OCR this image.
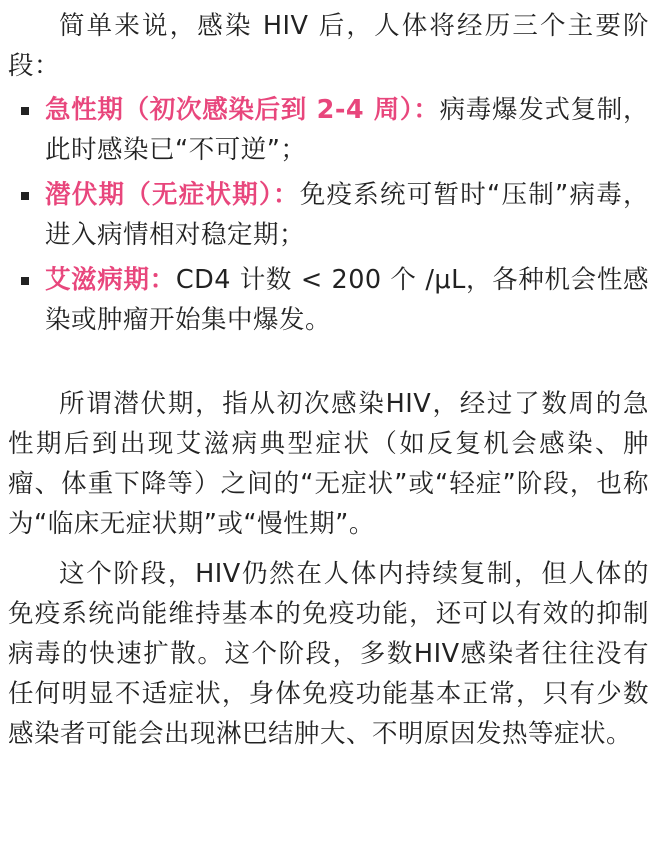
简单来说，感染 HIV 后，人体将经历三个主要阶段：

急性期（初次感染后到 2-4 周）：病毒爆发式复制，此时感染已“不可逆”；
潜伏期（无症状期）：免疫系统可暂时“压制”病毒，进入病情相对稳定期；
艾滋病期：CD4 计数 < 200 个 /μL，各种机会性感染或肿瘤开始集中爆发。

所谓潜伏期，指从初次感染HIV，经过了数周的急性期后到出现艾滋病典型症状（如反复机会感染、肿瘤、体重下降等）之间的“无症状”或“轻症”阶段，也称为“临床无症状期”或“慢性期”。

这个阶段，HIV仍然在人体内持续复制，但人体的免疫系统尚能维持基本的免疫功能，还可以有效的抑制病毒的快速扩散。这个阶段，多数HIV感染者往往没有任何明显不适症状，身体免疫功能基本正常，只有少数感染者可能会出现淋巴结肿大、不明原因发热等症状。
